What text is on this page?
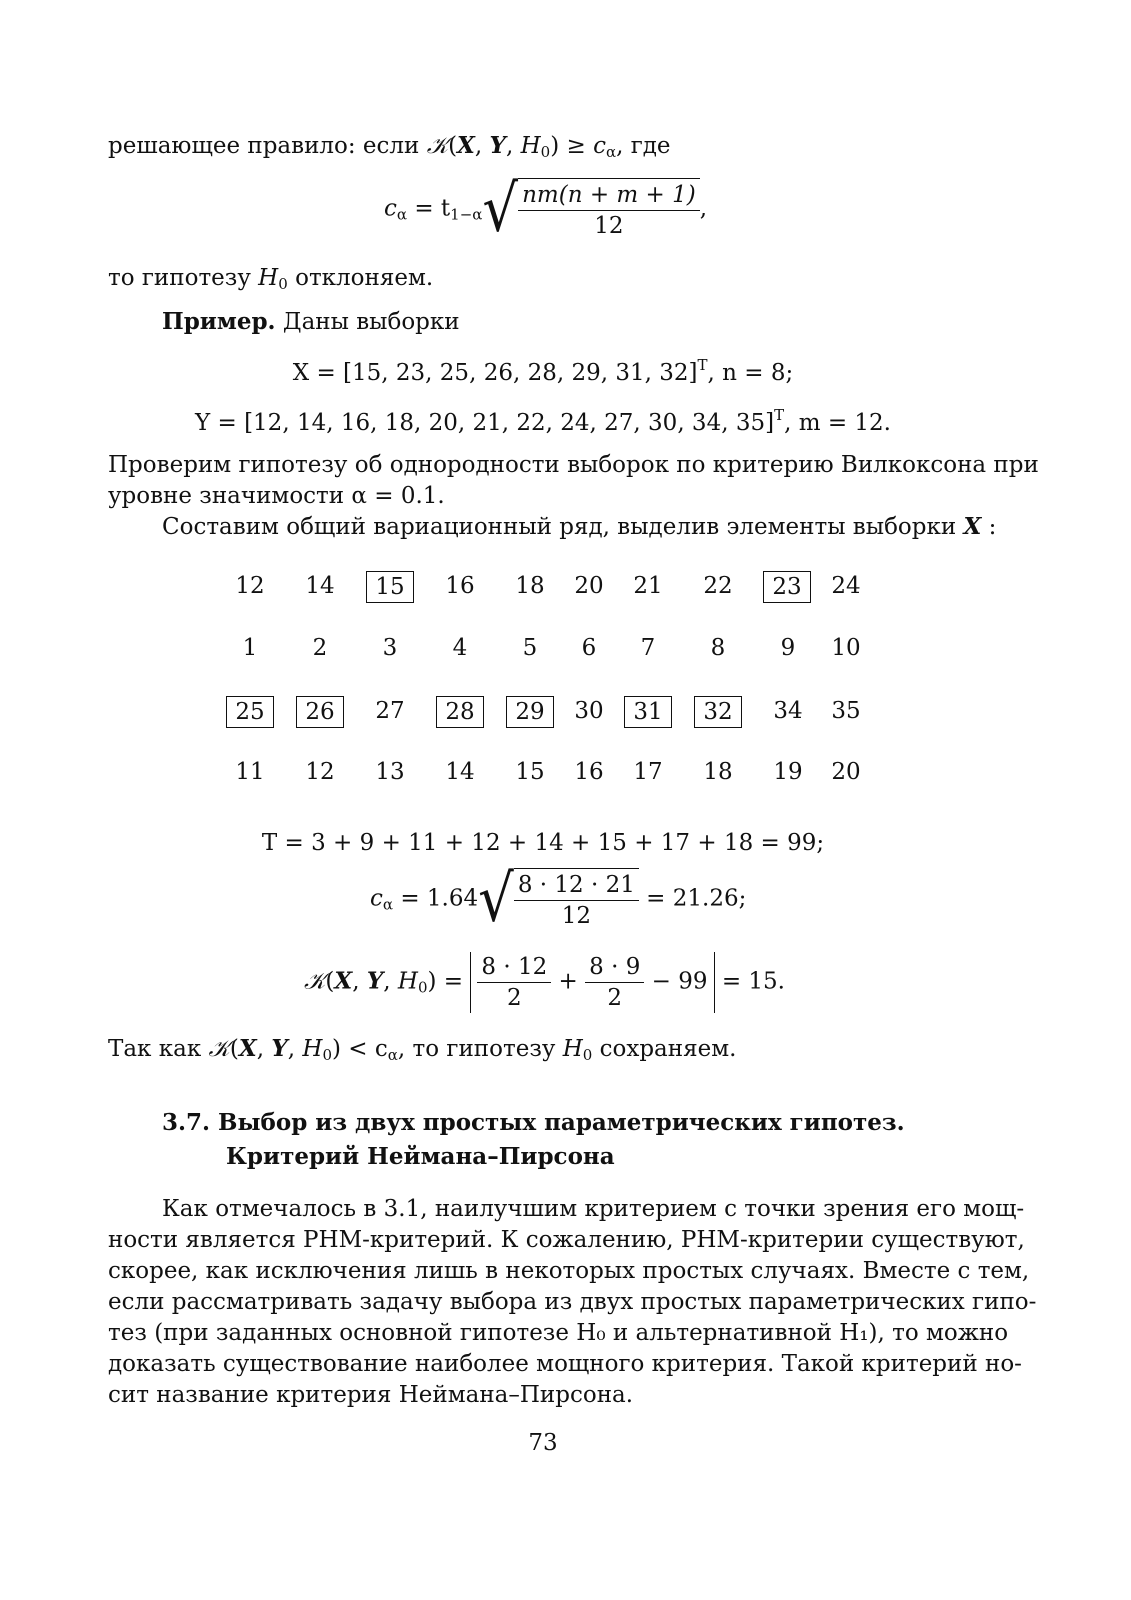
решающее правило: если 𝒦(X, Y, $H_0) \ge c_\alpha$, где
$c_\alpha = t_{1-\alpha}√ \frac{nm(n + m + 1)}{12}$ ,
то гипотезу $H_0$ отклоняем.
Пример. Даны выборки
X = [15, 23, 25, 26, 28, 29, 31, 32]$^T$, n = 8;
Y = [12, 14, 16, 18, 20, 21, 22, 24, 27, 30, 34, 35]$^T$, m = 12.
Проверим гипотезу об однородности выборок по критерию Вилкоксона при
уровне значимости α = 0.1.
Составим общий вариационный ряд, выделив элементы выборки X :
12	14	15	16	18	20	21	22	23	24
1	2	3	4	5	6	7	8	9	10
25	26	27	28	29	30	31	32	34	35
11	12	13	14	15	16	17	18	19	20
T = 3 + 9 + 11 + 12 + 14 + 15 + 17 + 18 = 99;
$c_\alpha = 1.64√ \frac{8 \cdot 12 \cdot 21}{12} = 21.26$;
𝒦(X, Y, $H_0) = \frac{8 \cdot 12}{2} + \frac{8 \cdot 9}{2} - 99 = 15$.
Так как 𝒦(X, Y, $H_0) < c_\alpha$, то гипотезу $H_0$ сохраняем.
3.7. Выбор из двух простых параметрических гипотез.
Критерий Неймана–Пирсона
Как отмечалось в 3.1, наилучшим критерием с точки зрения его мощ-
ности является РНМ-критерий. К сожалению, РНМ-критерии существуют,
скорее, как исключения лишь в некоторых простых случаях. Вместе с тем,
если рассматривать задачу выбора из двух простых параметрических гипо-
тез (при заданных основной гипотезе H₀ и альтернативной H₁), то можно
доказать существование наиболее мощного критерия. Такой критерий но-
сит название критерия Неймана–Пирсона.
73
